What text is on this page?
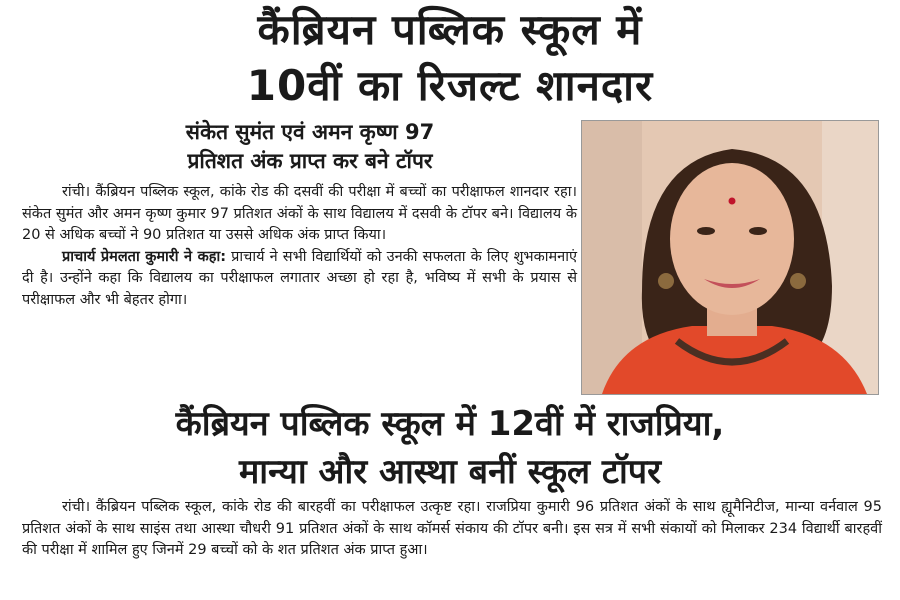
कैंब्रियन पब्लिक स्कूल में
10वीं का रिजल्ट शानदार
संकेत सुमंत एवं अमन कृष्ण 97
प्रतिशत अंक प्राप्त कर बने टॉपर

रांची। कैंब्रियन पब्लिक स्कूल, कांके रोड की दसवीं की परीक्षा में बच्चों का परीक्षाफल शानदार रहा। संकेत सुमंत और अमन कृष्ण कुमार 97 प्रतिशत अंकों के साथ विद्यालय में दसवी के टॉपर बने। विद्यालय के 20 से अधिक बच्चों ने 90 प्रतिशत या उससे अधिक अंक प्राप्त किया।

प्राचार्य प्रेमलता कुमारी ने कहा: प्राचार्य ने सभी विद्यार्थियों को उनकी सफलता के लिए शुभकामनाएं दी है। उन्होंने कहा कि विद्यालय का परीक्षाफल लगातार अच्छा हो रहा है, भविष्य में सभी के प्रयास से परीक्षाफल और भी बेहतर होगा।

कैंब्रियन पब्लिक स्कूल में 12वीं में राजप्रिया,
मान्या और आस्था बनीं स्कूल टॉपर

रांची। कैंब्रियन पब्लिक स्कूल, कांके रोड की बारहवीं का परीक्षाफल उत्कृष्ट रहा। राजप्रिया कुमारी 96 प्रतिशत अंकों के साथ ह्यूमैनिटीज, मान्या वर्नवाल 95 प्रतिशत अंकों के साथ साइंस तथा आस्था चौधरी 91 प्रतिशत अंकों के साथ कॉमर्स संकाय की टॉपर बनी। इस सत्र में सभी संकायों को मिलाकर 234 विद्यार्थी बारहवीं की परीक्षा में शामिल हुए जिनमें 29 बच्चों को के शत प्रतिशत अंक प्राप्त हुआ।
